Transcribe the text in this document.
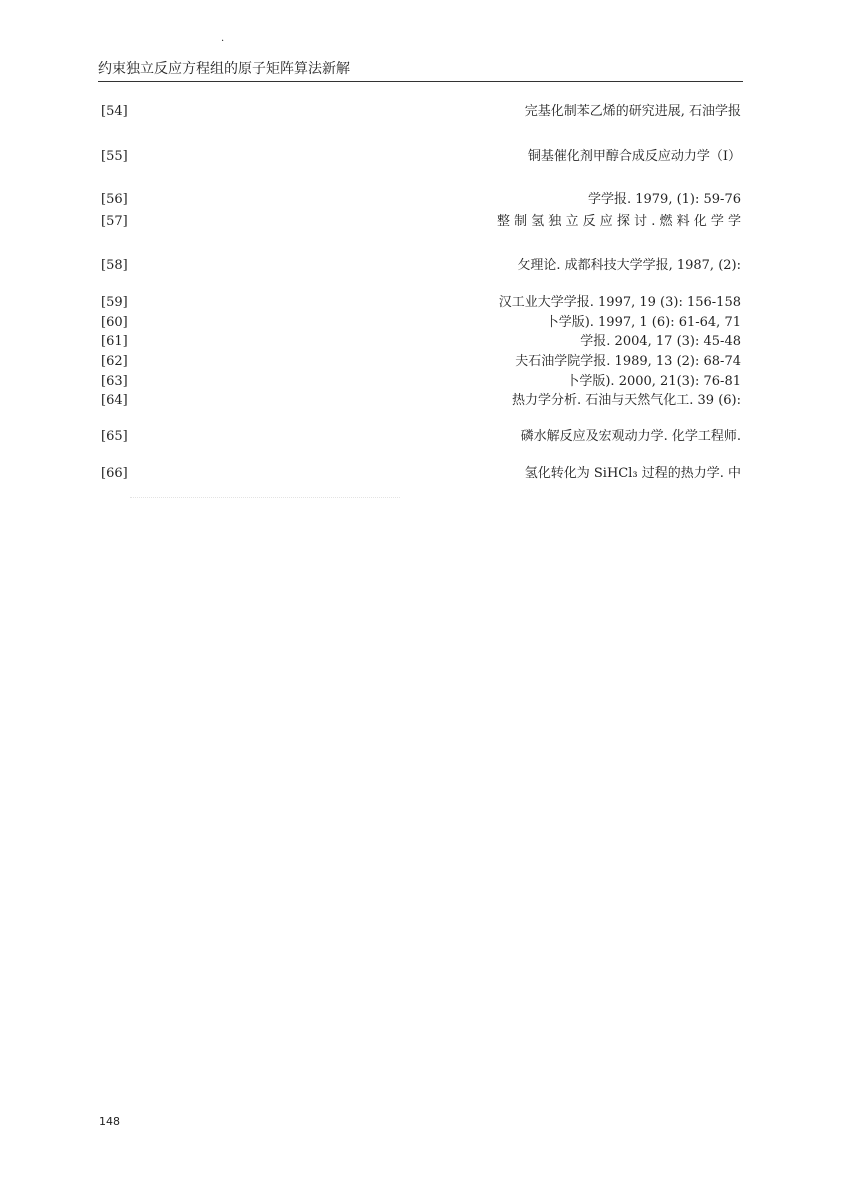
.
约束独立反应方程组的原子矩阵算法新解
[54]	完基化制苯乙烯的研究进展, 石油学报
[55]	铜基催化剂甲醇合成反应动力学（I）
[56]	学学报. 1979, (1): 59-76
[57]	整 制 氢 独 立 反 应 探 讨 . 燃 料 化 学 学
[58]	攵理论. 成都科技大学学报, 1987, (2):
[59]	汉工业大学学报. 1997, 19 (3): 156-158
[60]	卜学版). 1997, 1 (6): 61-64, 71
[61]	学报. 2004, 17 (3): 45-48
[62]	夫石油学院学报. 1989, 13 (2): 68-74
[63]	卜学版). 2000, 21(3): 76-81
[64]	热力学分析. 石油与天然气化工. 39 (6):
[65]	磷水解反应及宏观动力学. 化学工程师.
[66]	氢化转化为 SiHCl₃ 过程的热力学. 中
148
